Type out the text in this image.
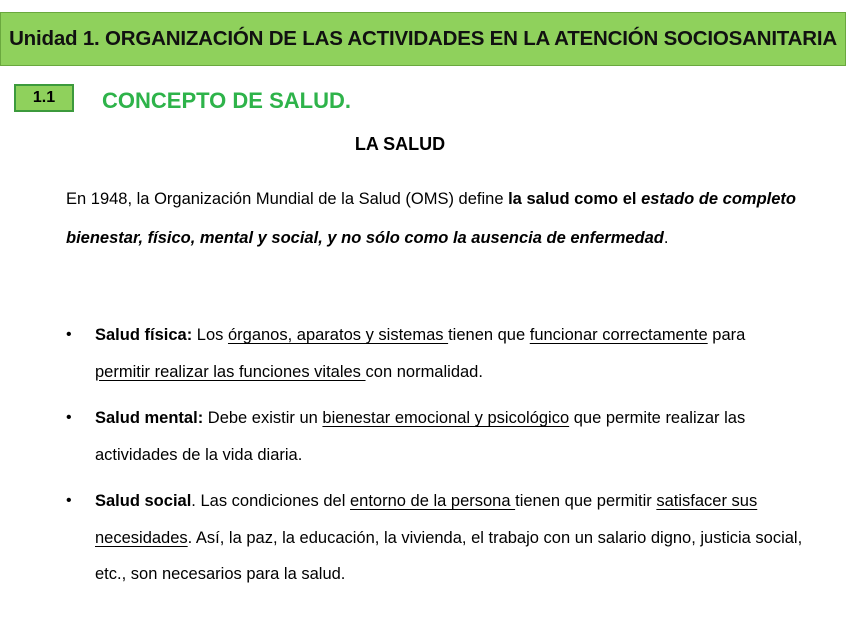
Unidad 1. ORGANIZACIÓN DE LAS ACTIVIDADES EN LA ATENCIÓN SOCIOSANITARIA
1.1	CONCEPTO DE SALUD.
LA SALUD
En 1948, la Organización Mundial de la Salud (OMS) define la salud como el estado de completo bienestar, físico, mental y social, y no sólo como la ausencia de enfermedad.
• Salud física: Los órganos, aparatos y sistemas tienen que funcionar correctamente para permitir realizar las funciones vitales con normalidad.
• Salud mental: Debe existir un bienestar emocional y psicológico que permite realizar las actividades de la vida diaria.
• Salud social. Las condiciones del entorno de la persona tienen que permitir satisfacer sus necesidades. Así, la paz, la educación, la vivienda, el trabajo con un salario digno, justicia social, etc., son necesarios para la salud.
